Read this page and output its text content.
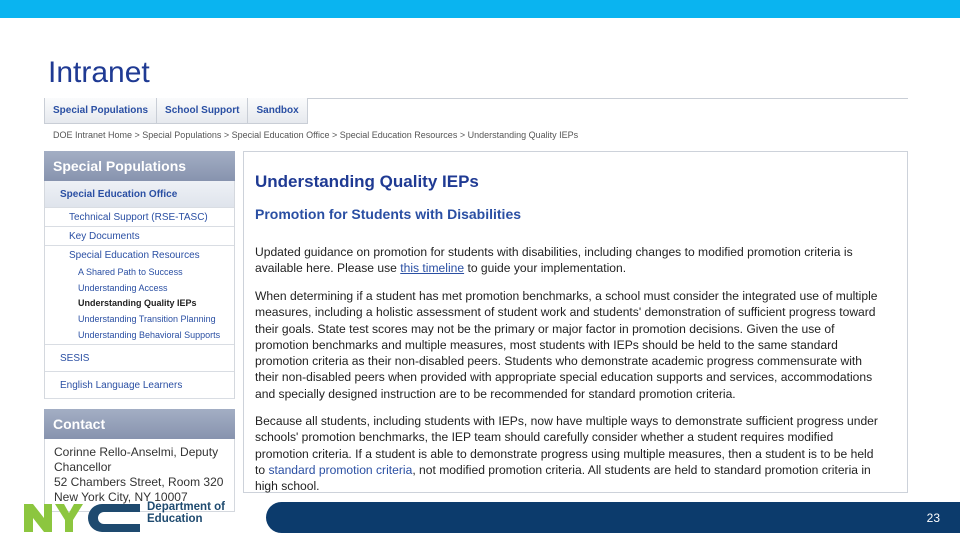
Intranet
Special Populations	School Support	Sandbox
DOE Intranet Home > Special Populations > Special Education Office > Special Education Resources > Understanding Quality IEPs
Special Populations
Special Education Office
Technical Support (RSE-TASC)
Key Documents
Special Education Resources
A Shared Path to Success
Understanding Access
Understanding Quality IEPs
Understanding Transition Planning
Understanding Behavioral Supports
SESIS
English Language Learners
Contact
Corinne Rello-Anselmi, Deputy
Chancellor
52 Chambers Street, Room 320
New York City, NY 10007
Understanding Quality IEPs
Promotion for Students with Disabilities
Updated guidance on promotion for students with disabilities, including changes to modified promotion criteria is available here. Please use this timeline to guide your implementation.
When determining if a student has met promotion benchmarks, a school must consider the integrated use of multiple measures, including a holistic assessment of student work and students' demonstration of sufficient progress toward their goals. State test scores may not be the primary or major factor in promotion decisions. Given the use of promotion benchmarks and multiple measures, most students with IEPs should be held to the same standard promotion criteria as their non-disabled peers. Students who demonstrate academic progress commensurate with their non-disabled peers when provided with appropriate special education supports and services, accommodations and specially designed instruction are to be recommended for standard promotion criteria.
Because all students, including students with IEPs, now have multiple ways to demonstrate sufficient progress under schools' promotion benchmarks, the IEP team should carefully consider whether a student requires modified promotion criteria. If a student is able to demonstrate progress using multiple measures, then a student is to be held to standard promotion criteria, not modified promotion criteria. All students are held to standard promotion criteria in high school.
23
Department of
Education
